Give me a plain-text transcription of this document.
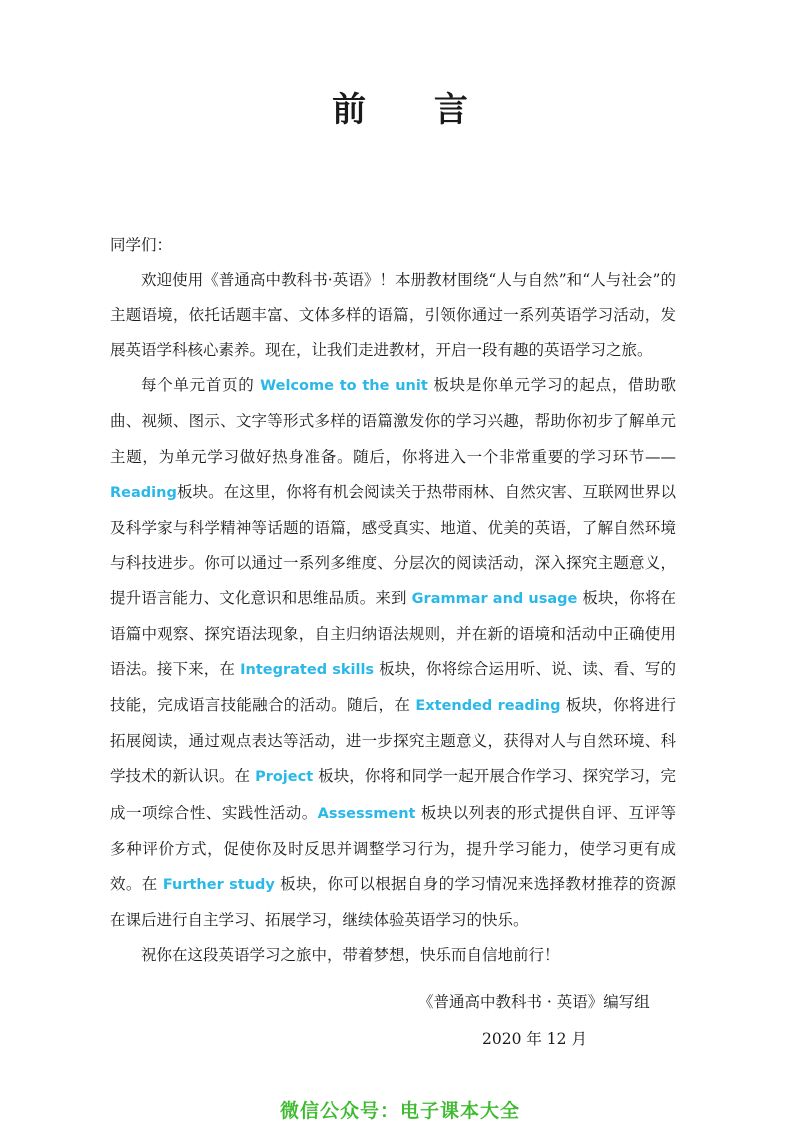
前 言

同学们：

欢迎使用《普通高中教科书·英语》！本册教材围绕“人与自然”和“人与社会”的主题语境，依托话题丰富、文体多样的语篇，引领你通过一系列英语学习活动，发展英语学科核心素养。现在，让我们走进教材，开启一段有趣的英语学习之旅。

每个单元首页的 Welcome to the unit 板块是你单元学习的起点，借助歌曲、视频、图示、文字等形式多样的语篇激发你的学习兴趣，帮助你初步了解单元主题，为单元学习做好热身准备。随后，你将进入一个非常重要的学习环节——Reading板块。在这里，你将有机会阅读关于热带雨林、自然灾害、互联网世界以及科学家与科学精神等话题的语篇，感受真实、地道、优美的英语，了解自然环境与科技进步。你可以通过一系列多维度、分层次的阅读活动，深入探究主题意义，提升语言能力、文化意识和思维品质。来到 Grammar and usage 板块，你将在语篇中观察、探究语法现象，自主归纳语法规则，并在新的语境和活动中正确使用语法。接下来，在 Integrated skills 板块，你将综合运用听、说、读、看、写的技能，完成语言技能融合的活动。随后，在 Extended reading 板块，你将进行拓展阅读，通过观点表达等活动，进一步探究主题意义，获得对人与自然环境、科学技术的新认识。在 Project 板块，你将和同学一起开展合作学习、探究学习，完成一项综合性、实践性活动。Assessment 板块以列表的形式提供自评、互评等多种评价方式，促使你及时反思并调整学习行为，提升学习能力，使学习更有成效。在 Further study 板块，你可以根据自身的学习情况来选择教材推荐的资源在课后进行自主学习、拓展学习，继续体验英语学习的快乐。

祝你在这段英语学习之旅中，带着梦想，快乐而自信地前行！

《普通高中教科书 · 英语》编写组
2020 年 12 月
微信公众号：电子课本大全
